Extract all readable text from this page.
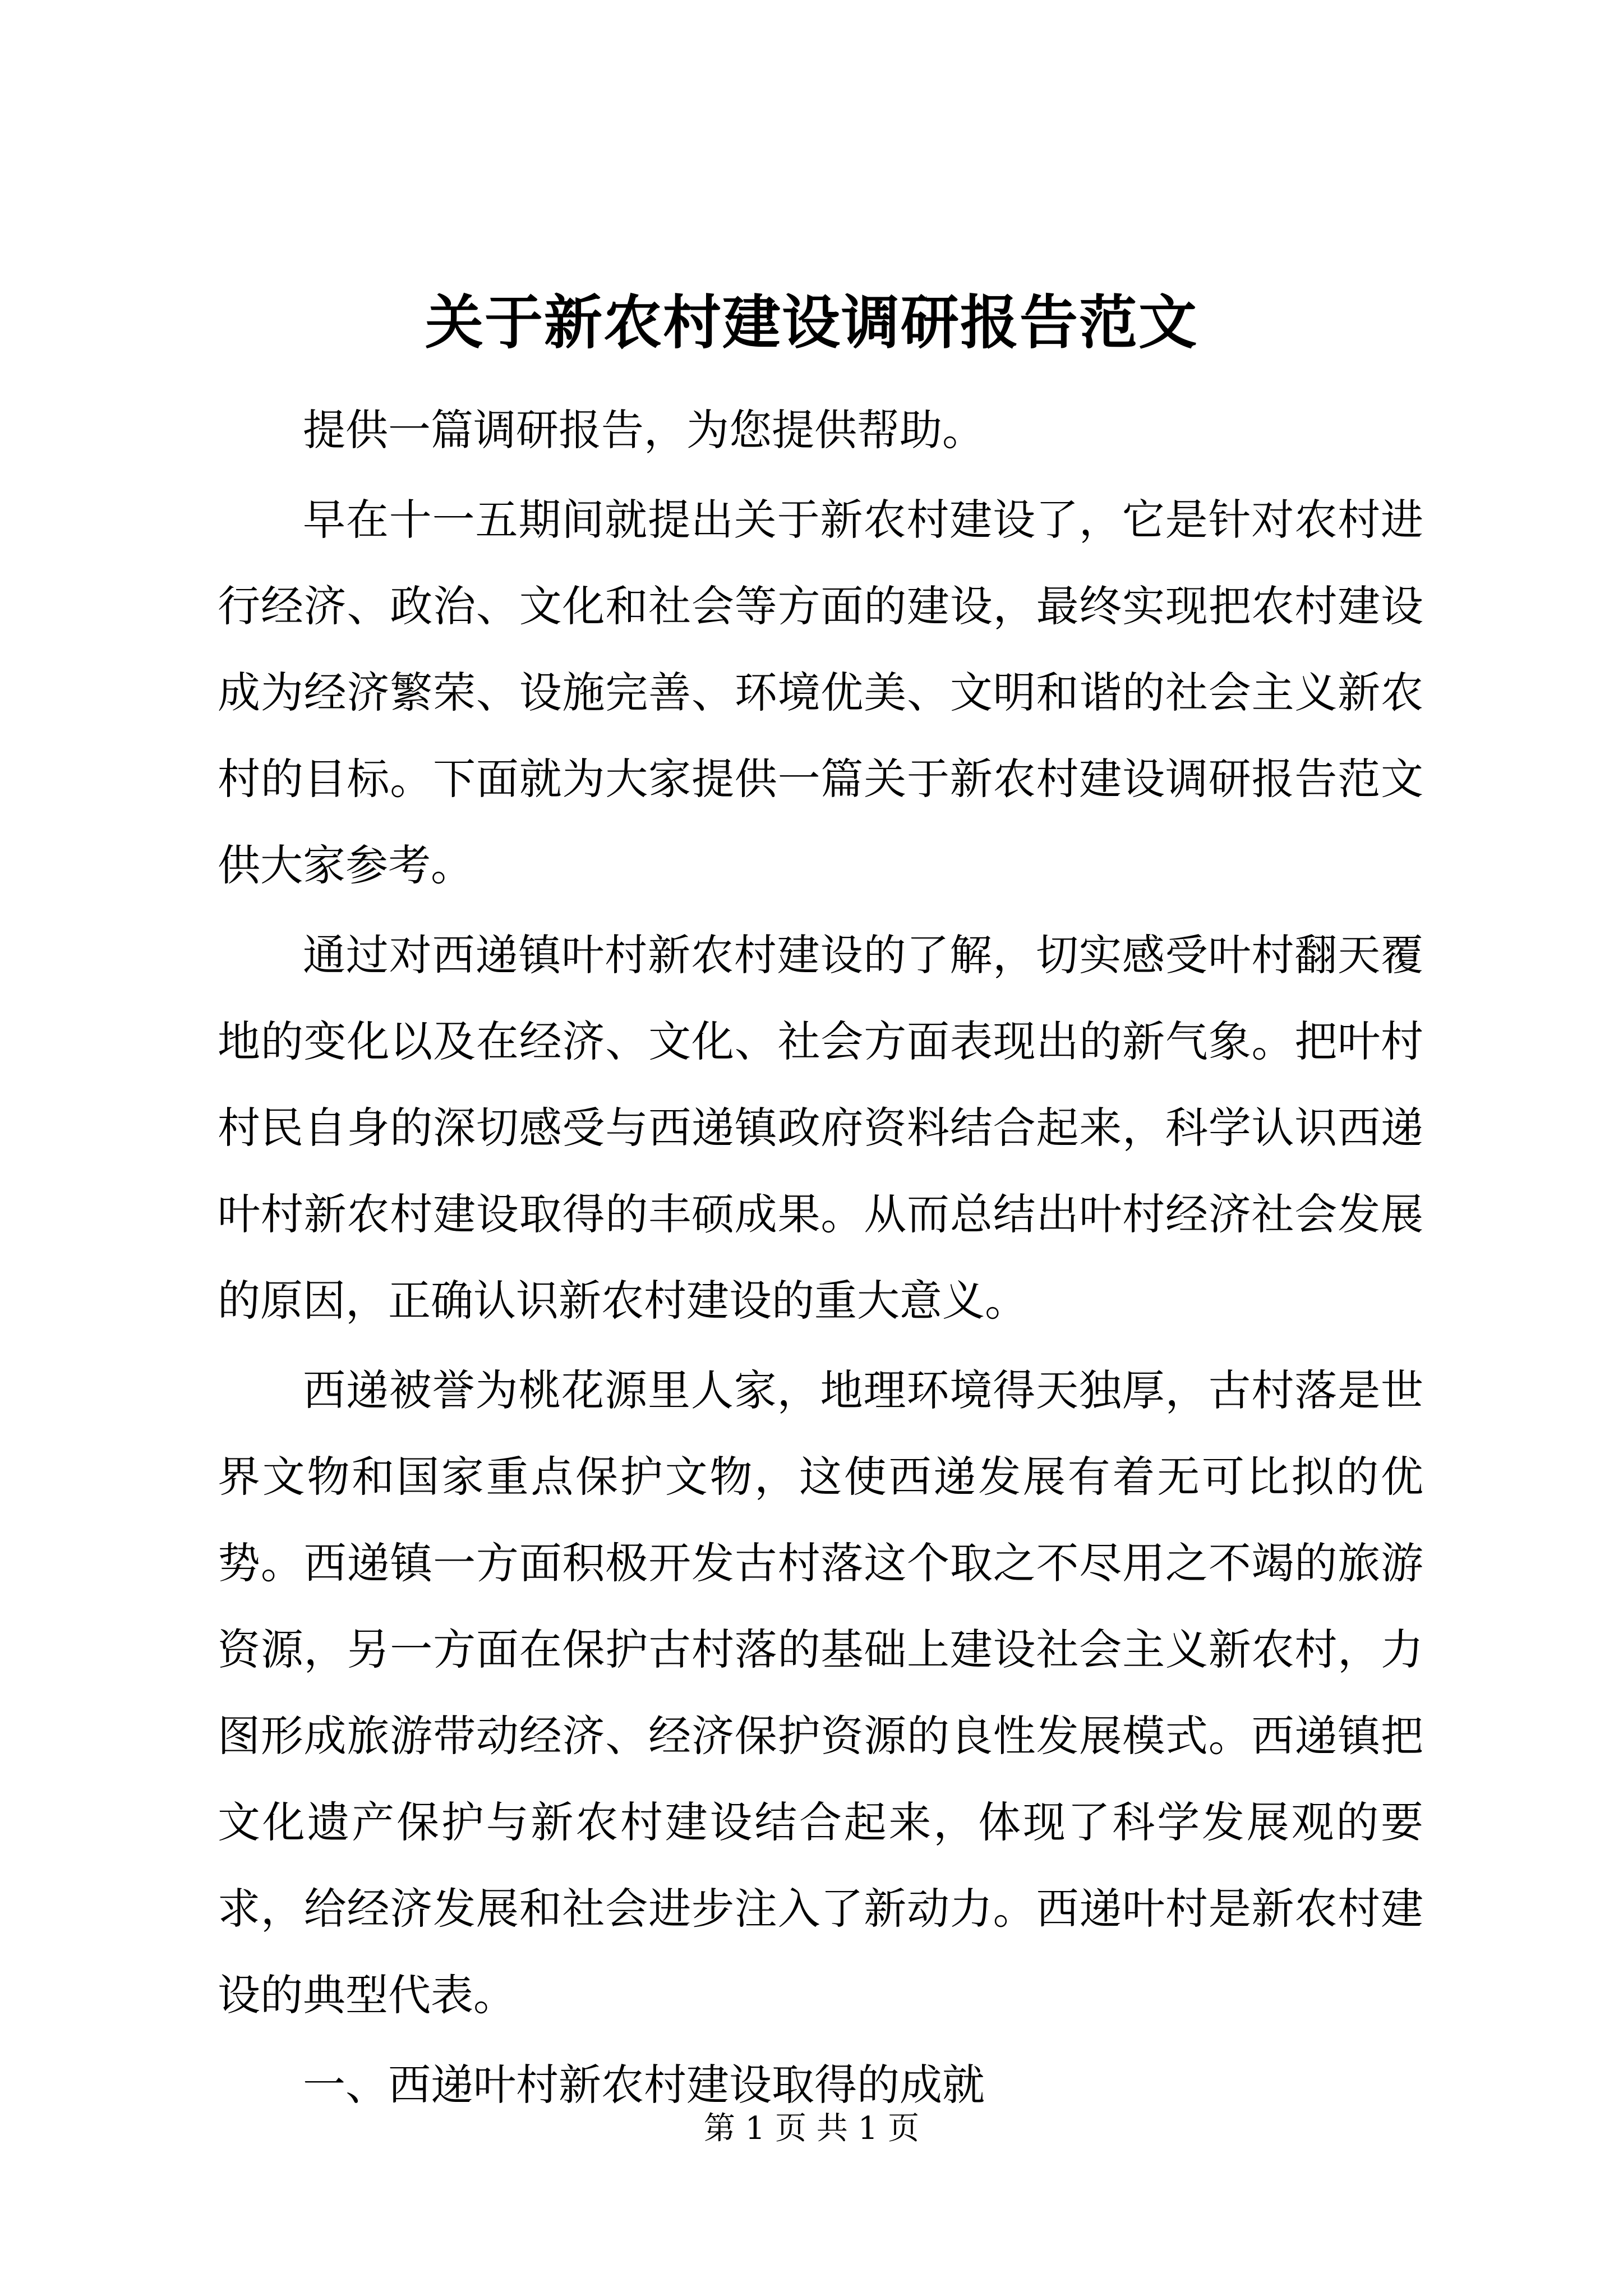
关于新农村建设调研报告范文

提供一篇调研报告，为您提供帮助。

早在十一五期间就提出关于新农村建设了，它是针对农村进行经济、政治、文化和社会等方面的建设，最终实现把农村建设成为经济繁荣、设施完善、环境优美、文明和谐的社会主义新农村的目标。下面就为大家提供一篇关于新农村建设调研报告范文供大家参考。

通过对西递镇叶村新农村建设的了解，切实感受叶村翻天覆地的变化以及在经济、文化、社会方面表现出的新气象。把叶村村民自身的深切感受与西递镇政府资料结合起来，科学认识西递叶村新农村建设取得的丰硕成果。从而总结出叶村经济社会发展的原因，正确认识新农村建设的重大意义。

西递被誉为桃花源里人家，地理环境得天独厚，古村落是世界文物和国家重点保护文物，这使西递发展有着无可比拟的优势。西递镇一方面积极开发古村落这个取之不尽用之不竭的旅游资源，另一方面在保护古村落的基础上建设社会主义新农村，力图形成旅游带动经济、经济保护资源的良性发展模式。西递镇把文化遗产保护与新农村建设结合起来，体现了科学发展观的要求，给经济发展和社会进步注入了新动力。西递叶村是新农村建设的典型代表。

一、西递叶村新农村建设取得的成就

第 1 页 共 1 页
